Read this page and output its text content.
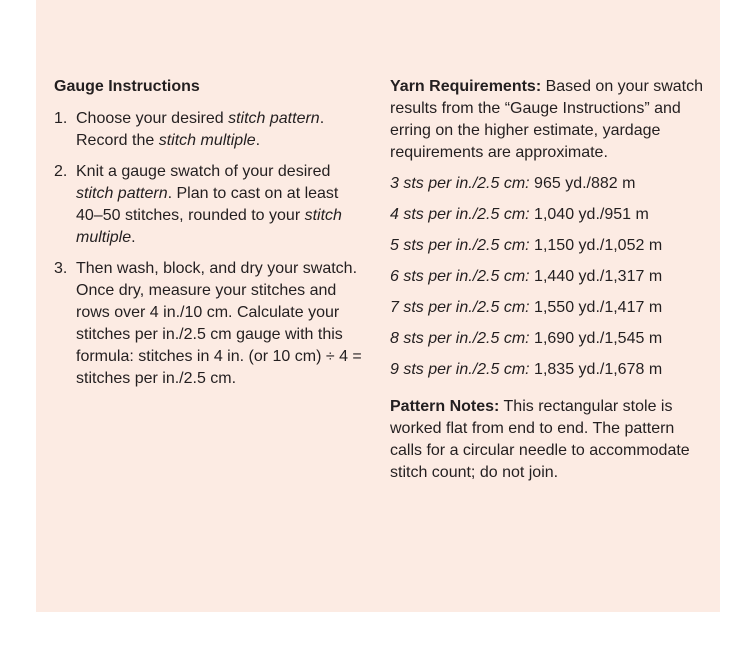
Gauge Instructions
1. Choose your desired stitch pattern. Record the stitch multiple.
2. Knit a gauge swatch of your desired stitch pattern. Plan to cast on at least 40–50 stitches, rounded to your stitch multiple.
3. Then wash, block, and dry your swatch. Once dry, measure your stitches and rows over 4 in./10 cm. Calculate your stitches per in./2.5 cm gauge with this formula: stitches in 4 in. (or 10 cm) ÷ 4 = stitches per in./2.5 cm.

Yarn Requirements: Based on your swatch results from the “Gauge Instructions” and erring on the higher estimate, yardage requirements are approximate.

3 sts per in./2.5 cm: 965 yd./882 m
4 sts per in./2.5 cm: 1,040 yd./951 m
5 sts per in./2.5 cm: 1,150 yd./1,052 m
6 sts per in./2.5 cm: 1,440 yd./1,317 m
7 sts per in./2.5 cm: 1,550 yd./1,417 m
8 sts per in./2.5 cm: 1,690 yd./1,545 m
9 sts per in./2.5 cm: 1,835 yd./1,678 m

Pattern Notes: This rectangular stole is worked flat from end to end. The pattern calls for a circular needle to accommodate stitch count; do not join.
